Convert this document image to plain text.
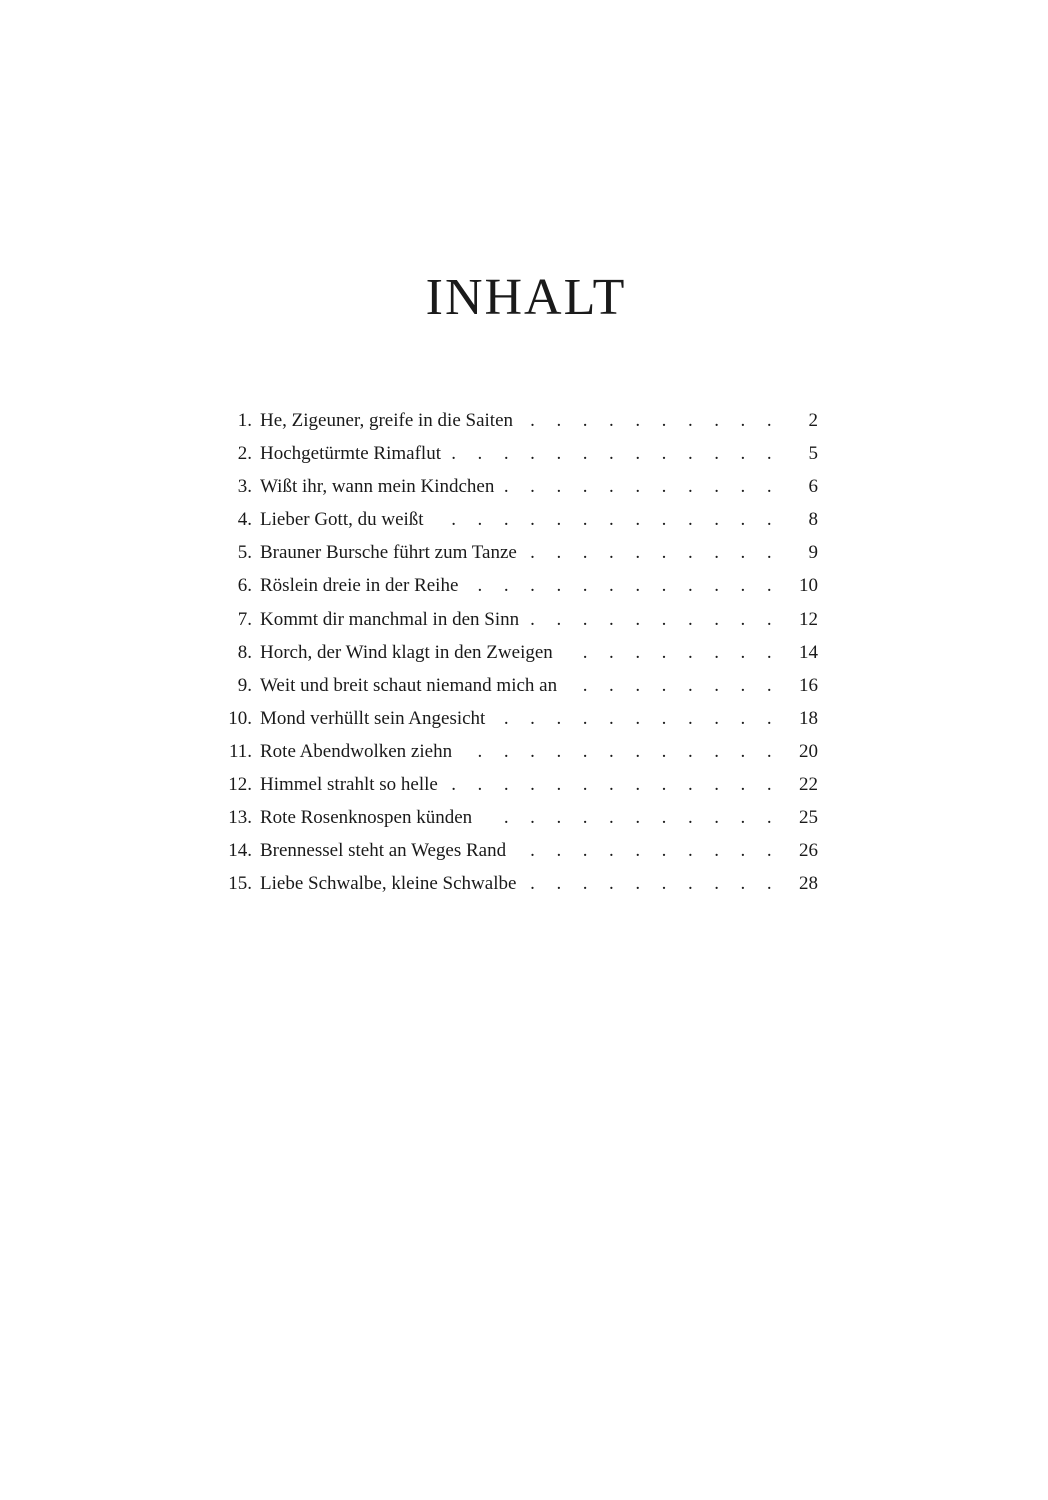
INHALT
1. He, Zigeuner, greife in die Saiten . . .	2
2. Hochgetürmte Rimaflut . . .	5
3. Wißt ihr, wann mein Kindchen . . .	6
4. Lieber Gott, du weißt . . .	8
5. Brauner Bursche führt zum Tanze . . .	9
6. Röslein dreie in der Reihe . . .	10
7. Kommt dir manchmal in den Sinn . . .	12
8. Horch, der Wind klagt in den Zweigen . . .	14
9. Weit und breit schaut niemand mich an . . .	16
10. Mond verhüllt sein Angesicht . . .	18
11. Rote Abendwolken ziehn . . .	20
12. Himmel strahlt so helle . . .	22
13. Rote Rosenknospen künden . . .	25
14. Brennessel steht an Weges Rand . . .	26
15. Liebe Schwalbe, kleine Schwalbe . . .	28
